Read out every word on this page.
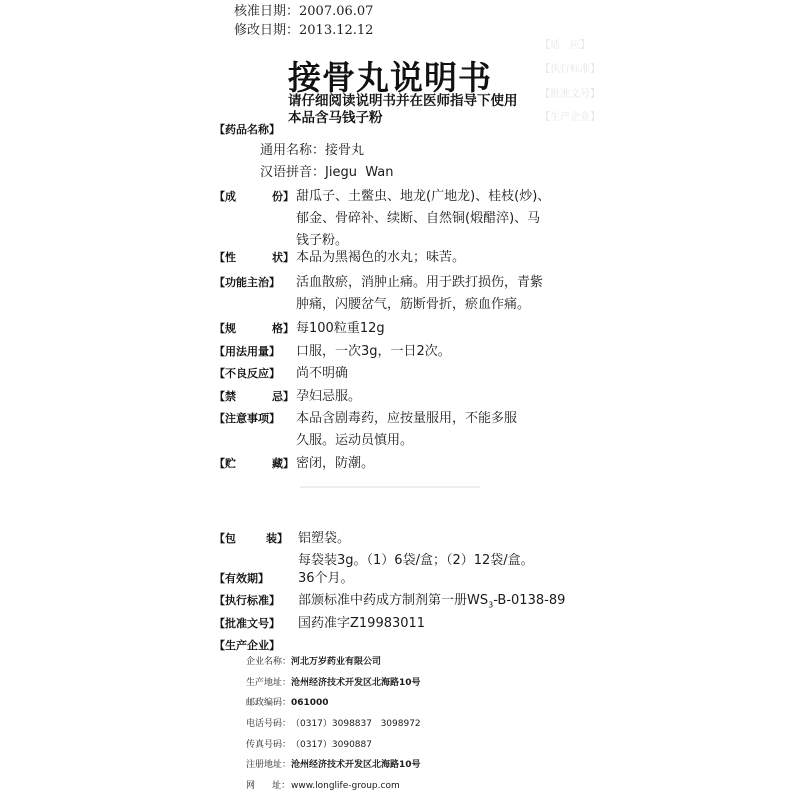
【适　应】
【执行标准】
【批准文号】
【生产企业】
核准日期：2007.06.07
修改日期：2013.12.12
接骨丸说明书
请仔细阅读说明书并在医师指导下使用
本品含马钱子粉
【药品名称】
通用名称：接骨丸
汉语拼音：Jiegu  Wan
【成	份】 甜瓜子、土鳖虫、地龙(广地龙)、桂枝(炒)、
郁金、骨碎补、续断、自然铜(煅醋淬)、马
钱子粉。
【性	状】 本品为黑褐色的水丸；味苦。
【功能主治】	活血散瘀，消肿止痛。用于跌打损伤，青紫
肿痛，闪腰岔气，筋断骨折，瘀血作痛。
【规	格】 每100粒重12g
【用法用量】	口服，一次3g，一日2次。
【不良反应】	尚不明确
【禁	忌】 孕妇忌服。
【注意事项】	本品含剧毒药，应按量服用，不能多服
久服。运动员慎用。
【贮	藏】 密闭，防潮。
【包	装】 铝塑袋。
每袋装3g。（1）6袋/盒；（2）12袋/盒。
【有效期】	36个月。
【执行标准】	部颁标准中药成方制剂第一册$WS_3-B-0138-89$
【批准文号】	国药准字Z19983011
【生产企业】
企业名称：河北万岁药业有限公司
生产地址：沧州经济技术开发区北海路10号
邮政编码：061000
电话号码：（0317）3098837   3098972
传真号码：（0317）3090887
注册地址：沧州经济技术开发区北海路10号
网      址：www.longlife-group.com
